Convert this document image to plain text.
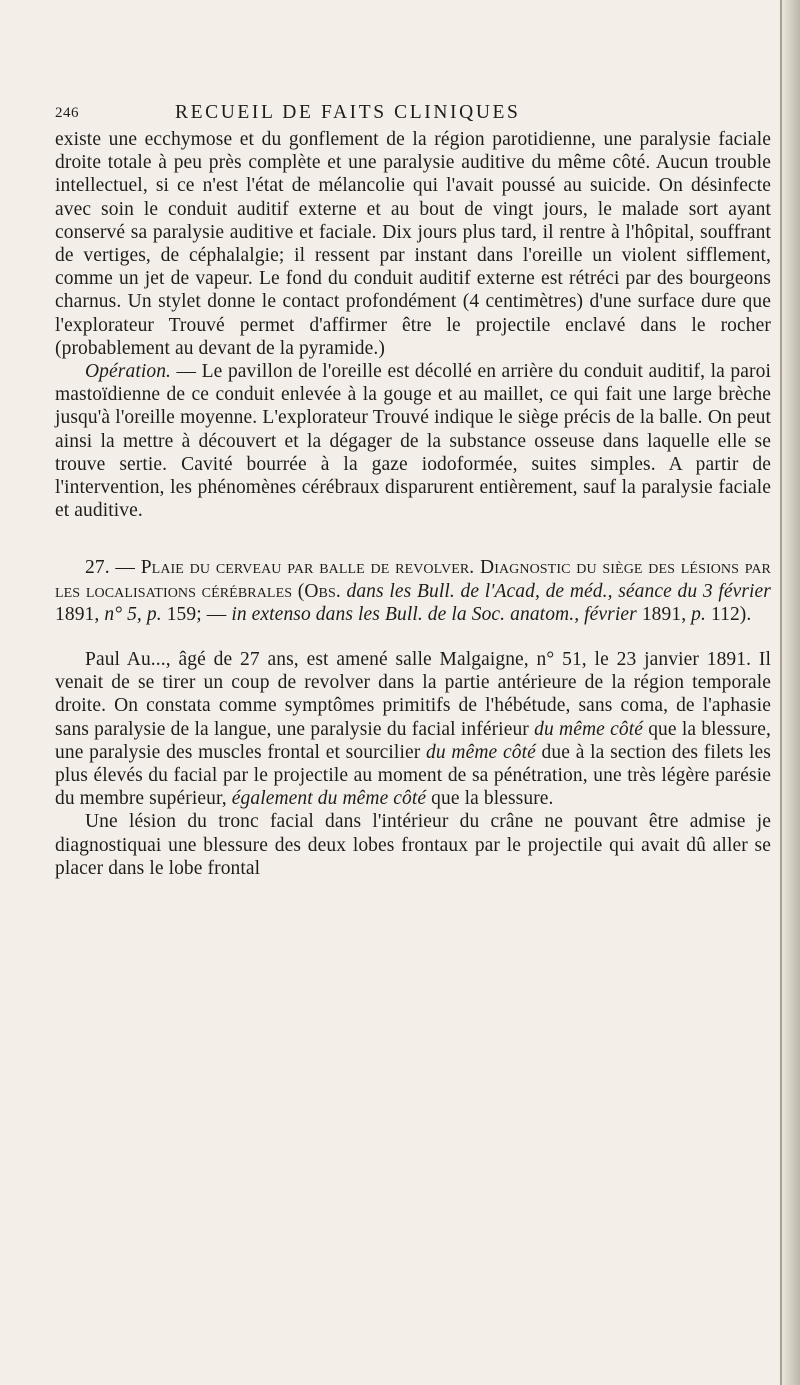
246	RECUEIL DE FAITS CLINIQUES

existe une ecchymose et du gonflement de la région parotidienne, une paralysie faciale droite totale à peu près complète et une paralysie auditive du même côté. Aucun trouble intellectuel, si ce n'est l'état de mélancolie qui l'avait poussé au suicide. On désinfecte avec soin le conduit auditif externe et au bout de vingt jours, le malade sort ayant conservé sa paralysie auditive et faciale. Dix jours plus tard, il rentre à l'hôpital, souffrant de vertiges, de céphalalgie; il ressent par instant dans l'oreille un violent sifflement, comme un jet de vapeur. Le fond du conduit auditif externe est rétréci par des bourgeons charnus. Un stylet donne le contact profondément (4 centimètres) d'une surface dure que l'explorateur Trouvé permet d'affirmer être le projectile enclavé dans le rocher (probablement au devant de la pyramide.)

Opération. — Le pavillon de l'oreille est décollé en arrière du conduit auditif, la paroi mastoïdienne de ce conduit enlevée à la gouge et au maillet, ce qui fait une large brèche jusqu'à l'oreille moyenne. L'explorateur Trouvé indique le siège précis de la balle. On peut ainsi la mettre à découvert et la dégager de la substance osseuse dans laquelle elle se trouve sertie. Cavité bourrée à la gaze iodoformée, suites simples. A partir de l'intervention, les phénomènes cérébraux disparurent entièrement, sauf la paralysie faciale et auditive.

27. — Plaie du cerveau par balle de revolver. Diagnostic du siège des lésions par les localisations cérébrales (Obs. dans les Bull. de l'Acad, de méd., séance du 3 février 1891, n° 5, p. 159; — in extenso dans les Bull. de la Soc. anatom., février 1891, p. 112).

Paul Au..., âgé de 27 ans, est amené salle Malgaigne, n° 51, le 23 janvier 1891. Il venait de se tirer un coup de revolver dans la partie antérieure de la région temporale droite. On constata comme symptômes primitifs de l'hébétude, sans coma, de l'aphasie sans paralysie de la langue, une paralysie du facial inférieur du même côté que la blessure, une paralysie des muscles frontal et sourcilier du même côté due à la section des filets les plus élevés du facial par le projectile au moment de sa pénétration, une très légère parésie du membre supérieur, également du même côté que la blessure.

Une lésion du tronc facial dans l'intérieur du crâne ne pouvant être admise je diagnostiquai une blessure des deux lobes frontaux par le projectile qui avait dû aller se placer dans le lobe frontal
